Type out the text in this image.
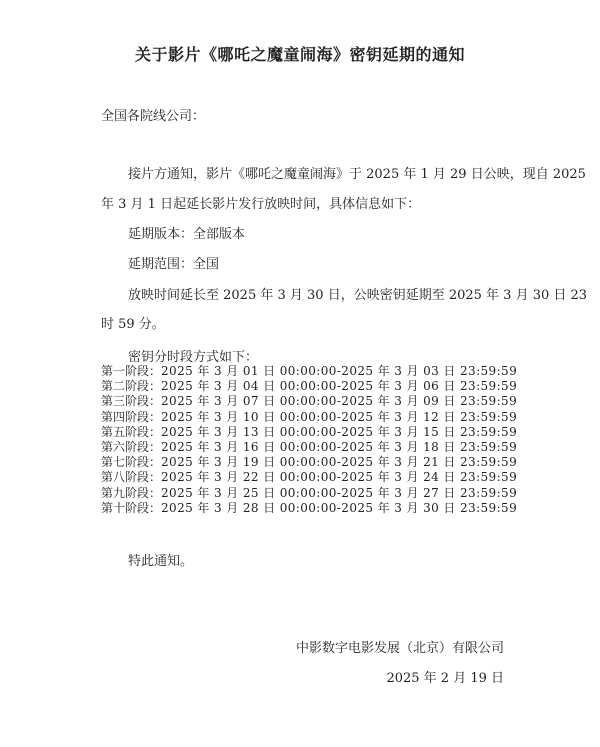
关于影片《哪吒之魔童闹海》密钥延期的通知
全国各院线公司：
接片方通知，影片《哪吒之魔童闹海》于 2025 年 1 月 29 日公映，现自 2025
年 3 月 1 日起延长影片发行放映时间，具体信息如下：
延期版本：全部版本
延期范围：全国
放映时间延长至 2025 年 3 月 30 日，公映密钥延期至 2025 年 3 月 30 日 23
时 59 分。
密钥分时段方式如下：
第一阶段： 2025 年 3 月 01 日 00:00:00-2025 年 3 月 03 日 23:59:59
第二阶段： 2025 年 3 月 04 日 00:00:00-2025 年 3 月 06 日 23:59:59
第三阶段： 2025 年 3 月 07 日 00:00:00-2025 年 3 月 09 日 23:59:59
第四阶段： 2025 年 3 月 10 日 00:00:00-2025 年 3 月 12 日 23:59:59
第五阶段： 2025 年 3 月 13 日 00:00:00-2025 年 3 月 15 日 23:59:59
第六阶段： 2025 年 3 月 16 日 00:00:00-2025 年 3 月 18 日 23:59:59
第七阶段： 2025 年 3 月 19 日 00:00:00-2025 年 3 月 21 日 23:59:59
第八阶段： 2025 年 3 月 22 日 00:00:00-2025 年 3 月 24 日 23:59:59
第九阶段： 2025 年 3 月 25 日 00:00:00-2025 年 3 月 27 日 23:59:59
第十阶段： 2025 年 3 月 28 日 00:00:00-2025 年 3 月 30 日 23:59:59
特此通知。
中影数字电影发展（北京）有限公司
2025 年 2 月 19 日
